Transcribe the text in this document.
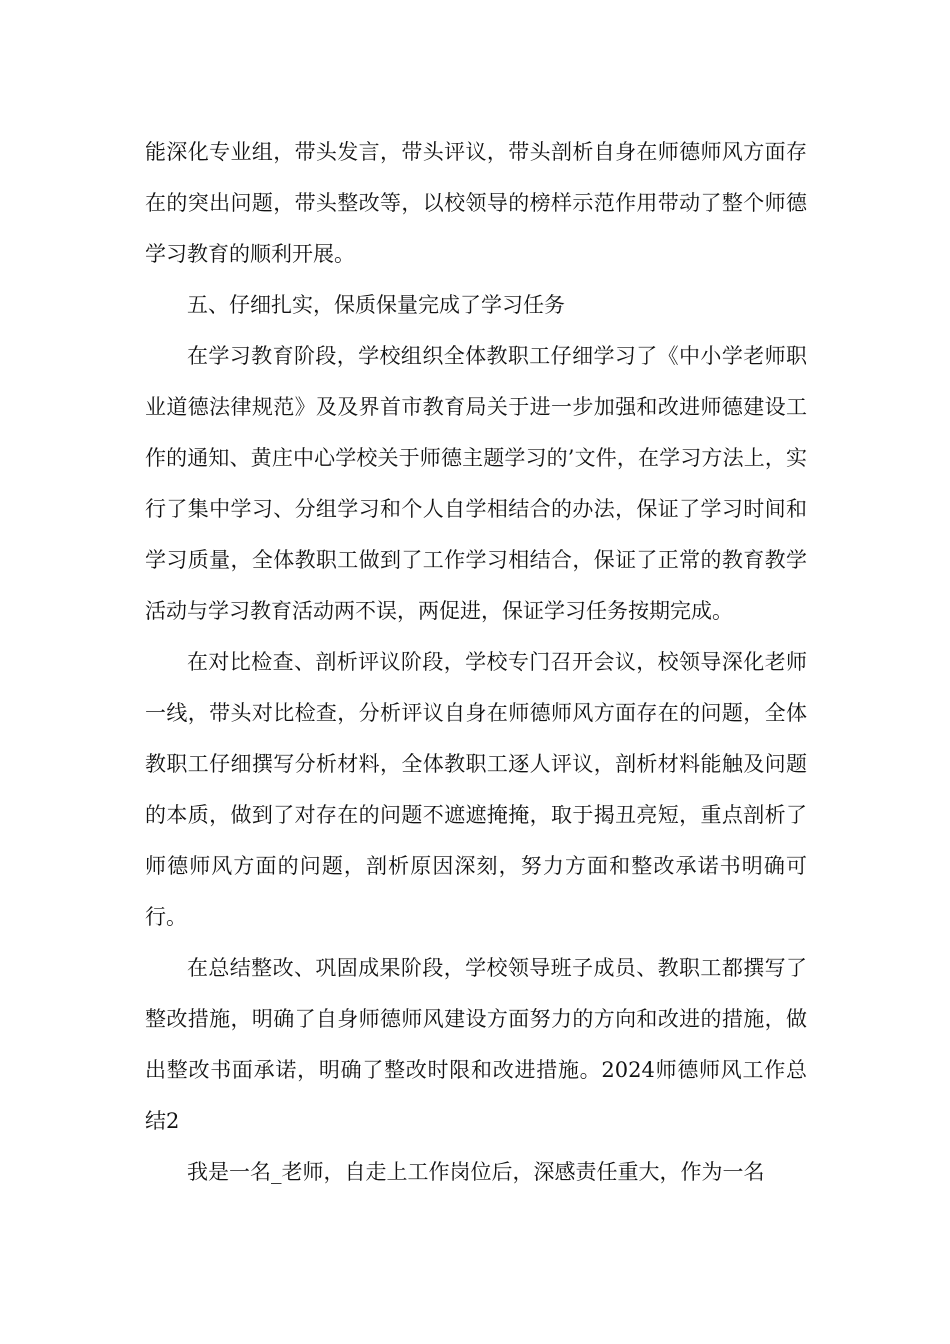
能深化专业组，带头发言，带头评议，带头剖析自身在师德师风方面存在的突出问题，带头整改等，以校领导的榜样示范作用带动了整个师德学习教育的顺利开展。

五、仔细扎实，保质保量完成了学习任务

在学习教育阶段，学校组织全体教职工仔细学习了《中小学老师职业道德法律规范》及及界首市教育局关于进一步加强和改进师德建设工作的通知、黄庄中心学校关于师德主题学习的’文件，在学习方法上，实行了集中学习、分组学习和个人自学相结合的办法，保证了学习时间和学习质量，全体教职工做到了工作学习相结合，保证了正常的教育教学活动与学习教育活动两不误，两促进，保证学习任务按期完成。

在对比检查、剖析评议阶段，学校专门召开会议，校领导深化老师一线，带头对比检查，分析评议自身在师德师风方面存在的问题，全体教职工仔细撰写分析材料，全体教职工逐人评议，剖析材料能触及问题的本质，做到了对存在的问题不遮遮掩掩，取于揭丑亮短，重点剖析了师德师风方面的问题，剖析原因深刻，努力方面和整改承诺书明确可行。

在总结整改、巩固成果阶段，学校领导班子成员、教职工都撰写了整改措施，明确了自身师德师风建设方面努力的方向和改进的措施，做出整改书面承诺，明确了整改时限和改进措施。2024师德师风工作总结2

我是一名_老师，自走上工作岗位后，深感责任重大，作为一名
